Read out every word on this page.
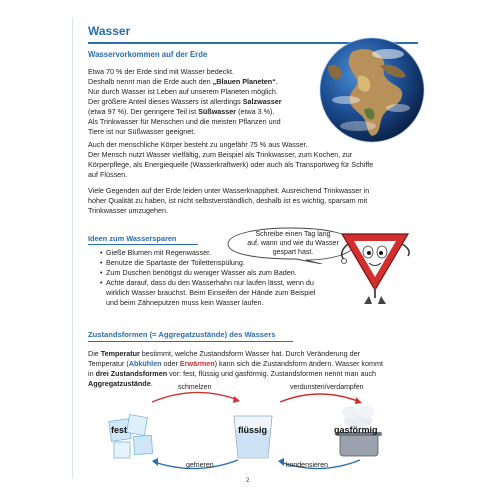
Wasser
Wasservorkommen auf der Erde
Etwa 70 % der Erde sind mit Wasser bedeckt.
Deshalb nennt man die Erde auch den „Blauen Planeten“.
Nur durch Wasser ist Leben auf unserem Planeten möglich.
Der größere Anteil dieses Wassers ist allerdings Salzwasser
(etwa 97 %). Der geringere Teil ist Süßwasser (etwa 3 %).
Als Trinkwasser für Menschen und die meisten Pflanzen und
Tiere ist nur Süßwasser geeignet.
Auch der menschliche Körper besteht zu ungefähr 75 % aus Wasser.
Der Mensch nutzt Wasser vielfältig, zum Beispiel als Trinkwasser, zum Kochen, zur
Körperpflege, als Energiequelle (Wasserkraftwerk) oder auch als Transportweg für Schiffe
auf Flüssen.
Viele Gegenden auf der Erde leiden unter Wasserknappheit. Ausreichend Trinkwasser in
hoher Qualität zu haben, ist nicht selbstverständlich, deshalb ist es wichtig, sparsam mit
Trinkwasser umzugehen.
Ideen zum Wassersparen
• Gieße Blumen mit Regenwasser.
• Benutze die Spartaste der Toilettenspülung.
• Zum Duschen benötigst du weniger Wasser als zum Baden.
• Achte darauf, dass du den Wasserhahn nur laufen lässt, wenn du
wirklich Wasser brauchst. Beim Einseifen der Hände zum Beispiel
und beim Zähneputzen muss kein Wasser laufen.
Schreibe einen Tag lang
auf, wann und wie du Wasser
gespart hast.
Zustandsformen (= Aggregatzustände) des Wassers
Die Temperatur bestimmt, welche Zustandsform Wasser hat. Durch Veränderung der
Temperatur (Abkühlen oder Erwärmen) kann sich die Zustandsform ändern. Wasser kommt
in drei Zustandsformen vor: fest, flüssig und gasförmig. Zustandsformen nennt man auch
Aggregatzustände.
fest	flüssig	gasförmig
schmelzen	verdunsten/verdampfen
gefrieren	kondensieren
2
